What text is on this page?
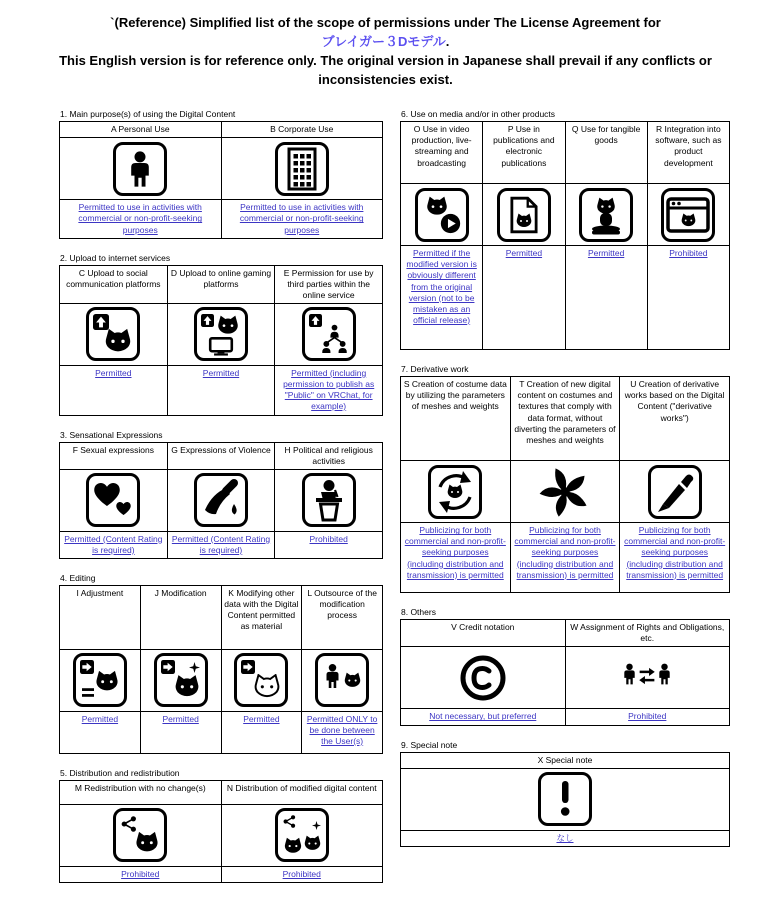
`(Reference) Simplified list of the scope of permissions under The License Agreement for
ブレイガー３Dモデル.
This English version is for reference only. The original version in Japanese shall prevail if any conflicts or inconsistencies exist.
1. Main purpose(s) of using the Digital Content
A Personal Use	B Corporate Use

Permitted to use in activities with commercial or non-profit-seeking purposes	Permitted to use in activities with commercial or non-profit-seeking purposes
2. Upload to internet services
C Upload to social communication platforms	D Upload to online gaming platforms	E Permission for use by third parties within the online service

Permitted	Permitted	Permitted (including permission to publish as "Public" on VRChat, for example)
3. Sensational Expressions
F Sexual expressions	G Expressions of Violence	H Political and religious activities

Permitted (Content Rating is required)	Permitted (Content Rating is required)	Prohibited
4. Editing
I Adjustment	J Modification	K Modifying other data with the Digital Content permitted as material	L Outsource of the modification process

Permitted	Permitted	Permitted	Permitted ONLY to be done between the User(s)
5. Distribution and redistribution
M Redistribution with no change(s)	N Distribution of modified digital content

Prohibited	Prohibited
6. Use on media and/or in other products
O Use in video production, live-streaming and broadcasting	P Use in publications and electronic publications	Q Use for tangible goods	R Integration into software, such as product development

Permitted if the modified version is obviously different from the original version (not to be mistaken as an official release)	Permitted	Permitted	Prohibited
7. Derivative work
S Creation of costume data by utilizing the parameters of meshes and weights	T Creation of new digital content on costumes and textures that comply with data format, without diverting the parameters of meshes and weights	U Creation of derivative works based on the Digital Content ("derivative works")

Publicizing for both commercial and non-profit-seeking purposes (including distribution and transmission) is permitted	Publicizing for both commercial and non-profit-seeking purposes (including distribution and transmission) is permitted	Publicizing for both commercial and non-profit-seeking purposes (including distribution and transmission) is permitted
8. Others
V Credit notation	W Assignment of Rights and Obligations, etc.

Not necessary, but preferred	Prohibited
9. Special note
X Special note

なし
